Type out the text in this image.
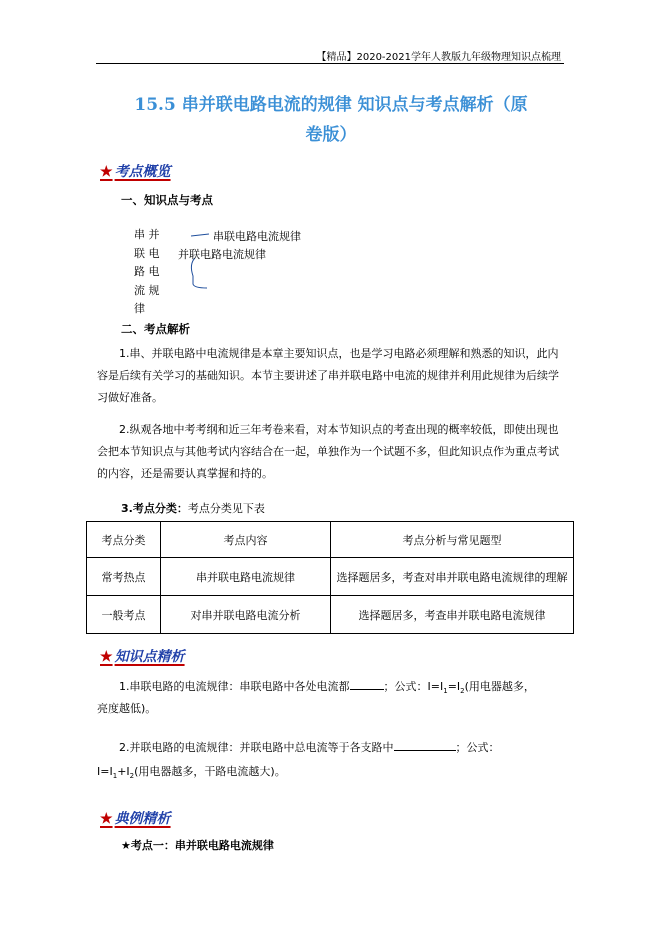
【精品】2020-2021学年人教版九年级物理知识点梳理
15.5 串并联电路电流的规律 知识点与考点解析（原
卷版）
★ 考点概览
一、知识点与考点
串 并
联 电
路 电
流 规
律
串联电路电流规律
并联电路电流规律
二、考点解析
1.串、并联电路中电流规律是本章主要知识点，也是学习电路必须理解和熟悉的知识，此内容是后续有关学习的基础知识。本节主要讲述了串并联电路中电流的规律并利用此规律为后续学习做好准备。
2.纵观各地中考考纲和近三年考卷来看，对本节知识点的考查出现的概率较低，即使出现也会把本节知识点与其他考试内容结合在一起，单独作为一个试题不多，但此知识点作为重点考试的内容，还是需要认真掌握和持的。
3.考点分类：考点分类见下表
考点分类	考点内容	考点分析与常见题型
常考热点	串并联电路电流规律	选择题居多，考查对串并联电路电流规律的理解
一般考点	对串并联电路电流分析	选择题居多，考查串并联电路电流规律
★ 知识点精析
1.串联电路的电流规律：串联电路中各处电流都	；公式：$I=I_1=I_2$(用电器越多，
亮度越低)。
2.并联电路的电流规律：并联电路中总电流等于各支路中	；公式：
$I=I_1+I_2$(用电器越多，干路电流越大)。
★ 典例精析
★考点一：串并联电路电流规律
